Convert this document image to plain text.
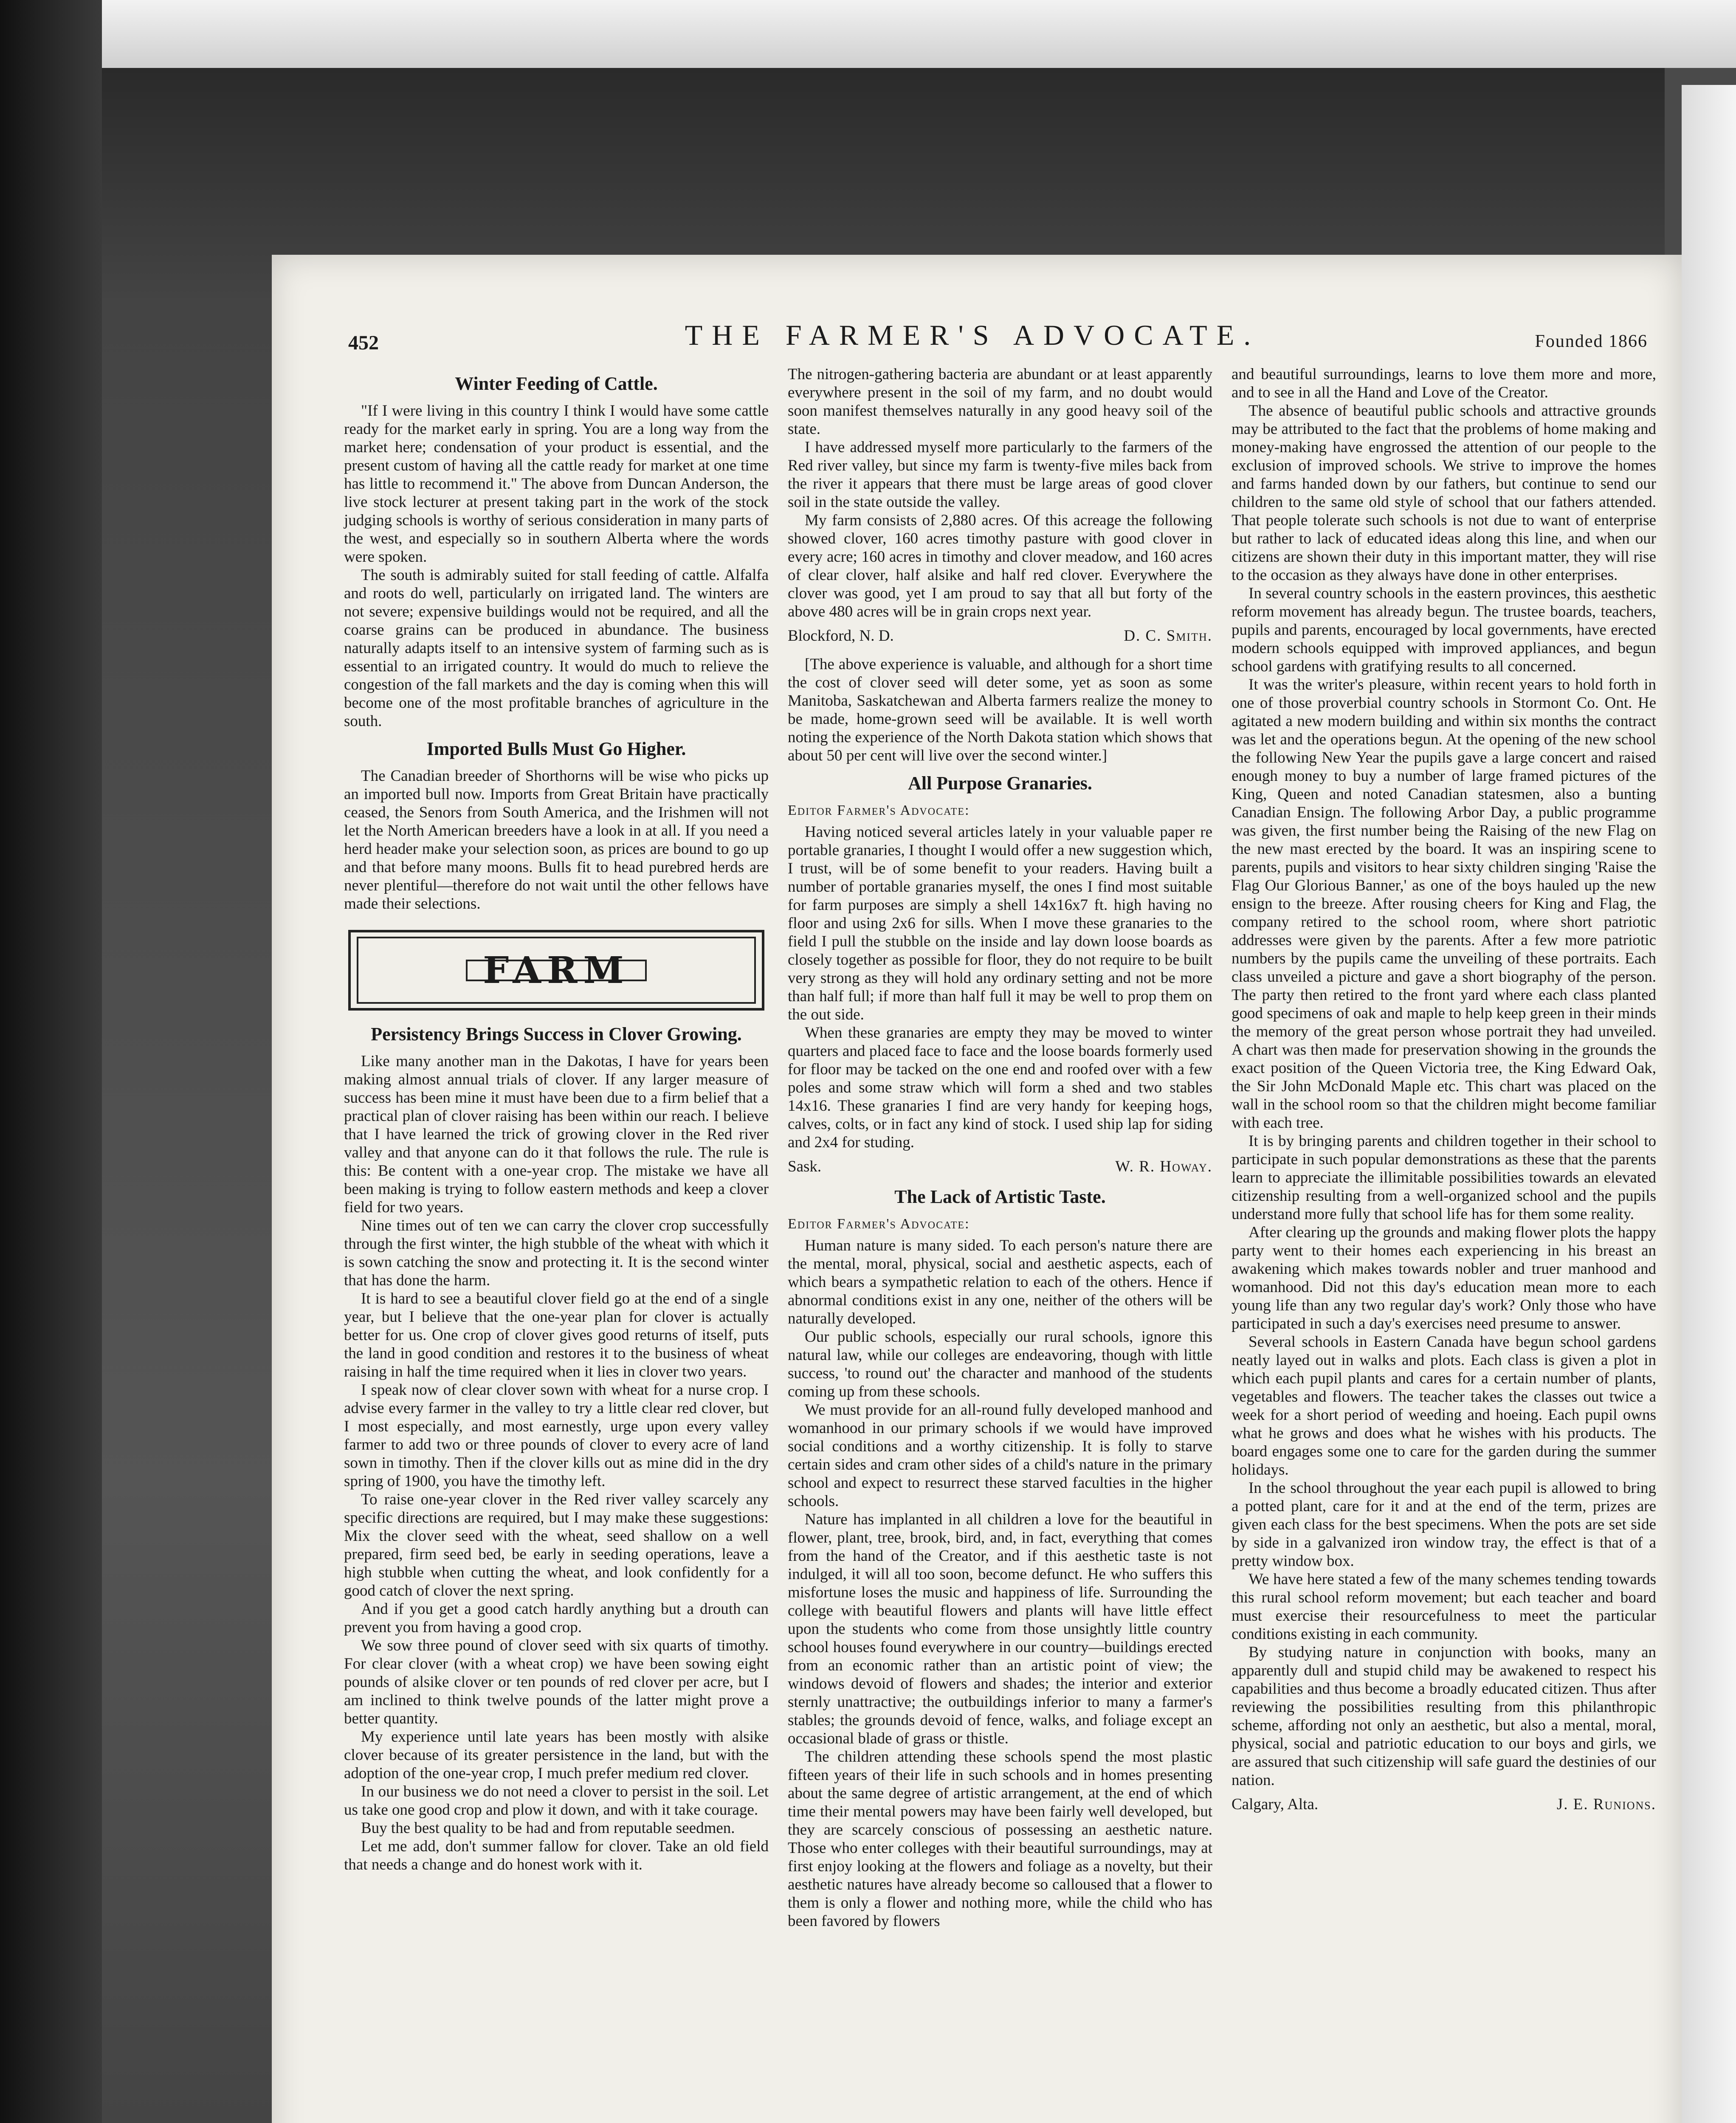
452	THE FARMER'S ADVOCATE.	Founded 1866
Winter Feeding of Cattle.

"If I were living in this country I think I would have some cattle ready for the market early in spring. You are a long way from the market here; condensation of your product is essential, and the present custom of having all the cattle ready for market at one time has little to recommend it." The above from Duncan Anderson, the live stock lecturer at present taking part in the work of the stock judging schools is worthy of serious consideration in many parts of the west, and especially so in southern Alberta where the words were spoken.

The south is admirably suited for stall feeding of cattle. Alfalfa and roots do well, particularly on irrigated land. The winters are not severe; expensive buildings would not be required, and all the coarse grains can be produced in abundance. The business naturally adapts itself to an intensive system of farming such as is essential to an irrigated country. It would do much to relieve the congestion of the fall markets and the day is coming when this will become one of the most profitable branches of agriculture in the south.

Imported Bulls Must Go Higher.

The Canadian breeder of Shorthorns will be wise who picks up an imported bull now. Imports from Great Britain have practically ceased, the Senors from South America, and the Irishmen will not let the North American breeders have a look in at all. If you need a herd header make your selection soon, as prices are bound to go up and that before many moons. Bulls fit to head purebred herds are never plentiful—therefore do not wait until the other fellows have made their selections.

FARM
Persistency Brings Success in Clover Growing.

Like many another man in the Dakotas, I have for years been making almost annual trials of clover. If any larger measure of success has been mine it must have been due to a firm belief that a practical plan of clover raising has been within our reach. I believe that I have learned the trick of growing clover in the Red river valley and that anyone can do it that follows the rule. The rule is this: Be content with a one-year crop. The mistake we have all been making is trying to follow eastern methods and keep a clover field for two years.

Nine times out of ten we can carry the clover crop successfully through the first winter, the high stubble of the wheat with which it is sown catching the snow and protecting it. It is the second winter that has done the harm.

It is hard to see a beautiful clover field go at the end of a single year, but I believe that the one-year plan for clover is actually better for us. One crop of clover gives good returns of itself, puts the land in good condition and restores it to the business of wheat raising in half the time required when it lies in clover two years.

I speak now of clear clover sown with wheat for a nurse crop. I advise every farmer in the valley to try a little clear red clover, but I most especially, and most earnestly, urge upon every valley farmer to add two or three pounds of clover to every acre of land sown in timothy. Then if the clover kills out as mine did in the dry spring of 1900, you have the timothy left.

To raise one-year clover in the Red river valley scarcely any specific directions are required, but I may make these suggestions: Mix the clover seed with the wheat, seed shallow on a well prepared, firm seed bed, be early in seeding operations, leave a high stubble when cutting the wheat, and look confidently for a good catch of clover the next spring.

And if you get a good catch hardly anything but a drouth can prevent you from having a good crop.

We sow three pound of clover seed with six quarts of timothy. For clear clover (with a wheat crop) we have been sowing eight pounds of alsike clover or ten pounds of red clover per acre, but I am inclined to think twelve pounds of the latter might prove a better quantity.

My experience until late years has been mostly with alsike clover because of its greater persistence in the land, but with the adoption of the one-year crop, I much prefer medium red clover.

In our business we do not need a clover to persist in the soil. Let us take one good crop and plow it down, and with it take courage.

Buy the best quality to be had and from reputable seedmen.

Let me add, don't summer fallow for clover. Take an old field that needs a change and do honest work with it.

The nitrogen-gathering bacteria are abundant or at least apparently everywhere present in the soil of my farm, and no doubt would soon manifest themselves naturally in any good heavy soil of the state.

I have addressed myself more particularly to the farmers of the Red river valley, but since my farm is twenty-five miles back from the river it appears that there must be large areas of good clover soil in the state outside the valley.

My farm consists of 2,880 acres. Of this acreage the following showed clover, 160 acres timothy pasture with good clover in every acre; 160 acres in timothy and clover meadow, and 160 acres of clear clover, half alsike and half red clover. Everywhere the clover was good, yet I am proud to say that all but forty of the above 480 acres will be in grain crops next year.

Blockford, N. D.	D. C. Smith.

[The above experience is valuable, and although for a short time the cost of clover seed will deter some, yet as soon as some Manitoba, Saskatchewan and Alberta farmers realize the money to be made, home-grown seed will be available. It is well worth noting the experience of the North Dakota station which shows that about 50 per cent will live over the second winter.]

All Purpose Granaries.

Editor Farmer's Advocate:

Having noticed several articles lately in your valuable paper re portable granaries, I thought I would offer a new suggestion which, I trust, will be of some benefit to your readers. Having built a number of portable granaries myself, the ones I find most suitable for farm purposes are simply a shell 14x16x7 ft. high having no floor and using 2x6 for sills. When I move these granaries to the field I pull the stubble on the inside and lay down loose boards as closely together as possible for floor, they do not require to be built very strong as they will hold any ordinary setting and not be more than half full; if more than half full it may be well to prop them on the out side.

When these granaries are empty they may be moved to winter quarters and placed face to face and the loose boards formerly used for floor may be tacked on the one end and roofed over with a few poles and some straw which will form a shed and two stables 14x16. These granaries I find are very handy for keeping hogs, calves, colts, or in fact any kind of stock. I used ship lap for siding and 2x4 for studing.

Sask.	W. R. Howay.
The Lack of Artistic Taste.

Editor Farmer's Advocate:

Human nature is many sided. To each person's nature there are the mental, moral, physical, social and aesthetic aspects, each of which bears a sympathetic relation to each of the others. Hence if abnormal conditions exist in any one, neither of the others will be naturally developed.

Our public schools, especially our rural schools, ignore this natural law, while our colleges are endeavoring, though with little success, 'to round out' the character and manhood of the students coming up from these schools.

We must provide for an all-round fully developed manhood and womanhood in our primary schools if we would have improved social conditions and a worthy citizenship. It is folly to starve certain sides and cram other sides of a child's nature in the primary school and expect to resurrect these starved faculties in the higher schools.

Nature has implanted in all children a love for the beautiful in flower, plant, tree, brook, bird, and, in fact, everything that comes from the hand of the Creator, and if this aesthetic taste is not indulged, it will all too soon, become defunct. He who suffers this misfortune loses the music and happiness of life. Surrounding the college with beautiful flowers and plants will have little effect upon the students who come from those unsightly little country school houses found everywhere in our country—buildings erected from an economic rather than an artistic point of view; the windows devoid of flowers and shades; the interior and exterior sternly unattractive; the outbuildings inferior to many a farmer's stables; the grounds devoid of fence, walks, and foliage except an occasional blade of grass or thistle.

The children attending these schools spend the most plastic fifteen years of their life in such schools and in homes presenting about the same degree of artistic arrangement, at the end of which time their mental powers may have been fairly well developed, but they are scarcely conscious of possessing an aesthetic nature. Those who enter colleges with their beautiful surroundings, may at first enjoy looking at the flowers and foliage as a novelty, but their aesthetic natures have already become so calloused that a flower to them is only a flower and nothing more, while the child who has been favored by flowers

and beautiful surroundings, learns to love them more and more, and to see in all the Hand and Love of the Creator.

The absence of beautiful public schools and attractive grounds may be attributed to the fact that the problems of home making and money-making have engrossed the attention of our people to the exclusion of improved schools. We strive to improve the homes and farms handed down by our fathers, but continue to send our children to the same old style of school that our fathers attended. That people tolerate such schools is not due to want of enterprise but rather to lack of educated ideas along this line, and when our citizens are shown their duty in this important matter, they will rise to the occasion as they always have done in other enterprises.

In several country schools in the eastern provinces, this aesthetic reform movement has already begun. The trustee boards, teachers, pupils and parents, encouraged by local governments, have erected modern schools equipped with improved appliances, and begun school gardens with gratifying results to all concerned.

It was the writer's pleasure, within recent years to hold forth in one of those proverbial country schools in Stormont Co. Ont. He agitated a new modern building and within six months the contract was let and the operations begun. At the opening of the new school the following New Year the pupils gave a large concert and raised enough money to buy a number of large framed pictures of the King, Queen and noted Canadian statesmen, also a bunting Canadian Ensign. The following Arbor Day, a public programme was given, the first number being the Raising of the new Flag on the new mast erected by the board. It was an inspiring scene to parents, pupils and visitors to hear sixty children singing 'Raise the Flag Our Glorious Banner,' as one of the boys hauled up the new ensign to the breeze. After rousing cheers for King and Flag, the company retired to the school room, where short patriotic addresses were given by the parents. After a few more patriotic numbers by the pupils came the unveiling of these portraits. Each class unveiled a picture and gave a short biography of the person. The party then retired to the front yard where each class planted good specimens of oak and maple to help keep green in their minds the memory of the great person whose portrait they had unveiled. A chart was then made for preservation showing in the grounds the exact position of the Queen Victoria tree, the King Edward Oak, the Sir John McDonald Maple etc. This chart was placed on the wall in the school room so that the children might become familiar with each tree.

It is by bringing parents and children together in their school to participate in such popular demonstrations as these that the parents learn to appreciate the illimitable possibilities towards an elevated citizenship resulting from a well-organized school and the pupils understand more fully that school life has for them some reality.

After clearing up the grounds and making flower plots the happy party went to their homes each experiencing in his breast an awakening which makes towards nobler and truer manhood and womanhood. Did not this day's education mean more to each young life than any two regular day's work? Only those who have participated in such a day's exercises need presume to answer.

Several schools in Eastern Canada have begun school gardens neatly layed out in walks and plots. Each class is given a plot in which each pupil plants and cares for a certain number of plants, vegetables and flowers. The teacher takes the classes out twice a week for a short period of weeding and hoeing. Each pupil owns what he grows and does what he wishes with his products. The board engages some one to care for the garden during the summer holidays.

In the school throughout the year each pupil is allowed to bring a potted plant, care for it and at the end of the term, prizes are given each class for the best specimens. When the pots are set side by side in a galvanized iron window tray, the effect is that of a pretty window box.

We have here stated a few of the many schemes tending towards this rural school reform movement; but each teacher and board must exercise their resourcefulness to meet the particular conditions existing in each community.

By studying nature in conjunction with books, many an apparently dull and stupid child may be awakened to respect his capabilities and thus become a broadly educated citizen. Thus after reviewing the possibilities resulting from this philanthropic scheme, affording not only an aesthetic, but also a mental, moral, physical, social and patriotic education to our boys and girls, we are assured that such citizenship will safe guard the destinies of our nation.

Calgary, Alta.	J. E. Runions.
